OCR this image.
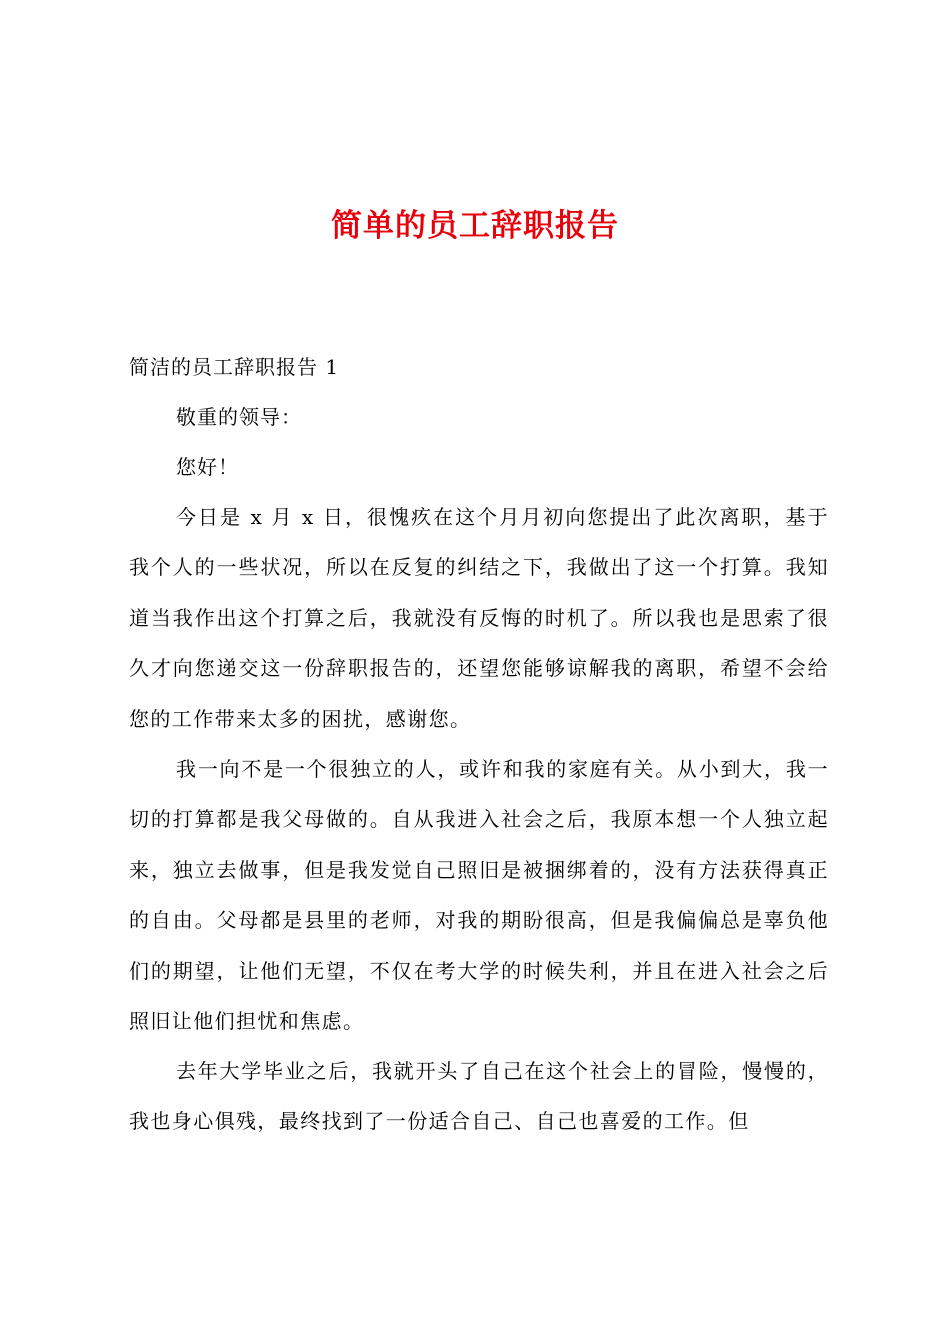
简单的员工辞职报告

简洁的员工辞职报告 1

敬重的领导：

您好！

今日是 x 月 x 日，很愧疚在这个月月初向您提出了此次离职，基于我个人的一些状况，所以在反复的纠结之下，我做出了这一个打算。我知道当我作出这个打算之后，我就没有反悔的时机了。所以我也是思索了很久才向您递交这一份辞职报告的，还望您能够谅解我的离职，希望不会给您的工作带来太多的困扰，感谢您。

我一向不是一个很独立的人，或许和我的家庭有关。从小到大，我一切的打算都是我父母做的。自从我进入社会之后，我原本想一个人独立起来，独立去做事，但是我发觉自己照旧是被捆绑着的，没有方法获得真正的自由。父母都是县里的老师，对我的期盼很高，但是我偏偏总是辜负他们的期望，让他们无望，不仅在考大学的时候失利，并且在进入社会之后照旧让他们担忧和焦虑。

去年大学毕业之后，我就开头了自己在这个社会上的冒险，慢慢的，我也身心俱残，最终找到了一份适合自己、自己也喜爱的工作。但
